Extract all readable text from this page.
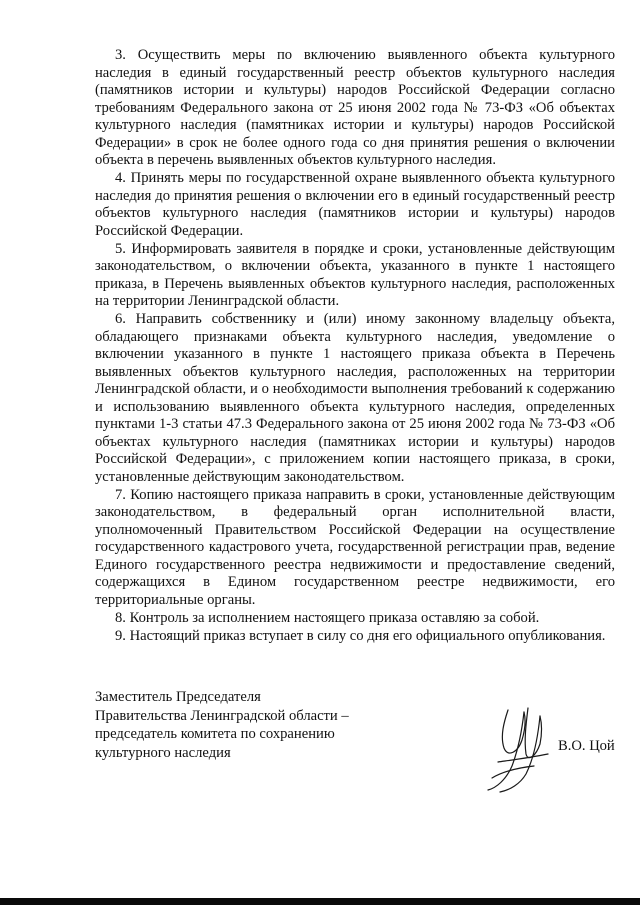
3. Осуществить меры по включению выявленного объекта культурного наследия в единый государственный реестр объектов культурного наследия (памятников истории и культуры) народов Российской Федерации согласно требованиям Федерального закона от 25 июня 2002 года № 73-ФЗ «Об объектах культурного наследия (памятниках истории и культуры) народов Российской Федерации» в срок не более одного года со дня принятия решения о включении объекта в перечень выявленных объектов культурного наследия.

4. Принять меры по государственной охране выявленного объекта культурного наследия до принятия решения о включении его в единый государственный реестр объектов культурного наследия (памятников истории и культуры) народов Российской Федерации.

5. Информировать заявителя в порядке и сроки, установленные действующим законодательством, о включении объекта, указанного в пункте 1 настоящего приказа, в Перечень выявленных объектов культурного наследия, расположенных на территории Ленинградской области.

6. Направить собственнику и (или) иному законному владельцу объекта, обладающего признаками объекта культурного наследия, уведомление о включении указанного в пункте 1 настоящего приказа объекта в Перечень выявленных объектов культурного наследия, расположенных на территории Ленинградской области, и о необходимости выполнения требований к содержанию и использованию выявленного объекта культурного наследия, определенных пунктами 1-3 статьи 47.3 Федерального закона от 25 июня 2002 года № 73-ФЗ «Об объектах культурного наследия (памятниках истории и культуры) народов Российской Федерации», с приложением копии настоящего приказа, в сроки, установленные действующим законодательством.

7. Копию настоящего приказа направить в сроки, установленные действующим законодательством, в федеральный орган исполнительной власти, уполномоченный Правительством Российской Федерации на осуществление государственного кадастрового учета, государственной регистрации прав, ведение Единого государственного реестра недвижимости и предоставление сведений, содержащихся в Едином государственном реестре недвижимости, его территориальные органы.

8. Контроль за исполнением настоящего приказа оставляю за собой.

9. Настоящий приказ вступает в силу со дня его официального опубликования.

Заместитель Председателя
Правительства Ленинградской области –
председатель комитета по сохранению
культурного наследия	В.О. Цой
